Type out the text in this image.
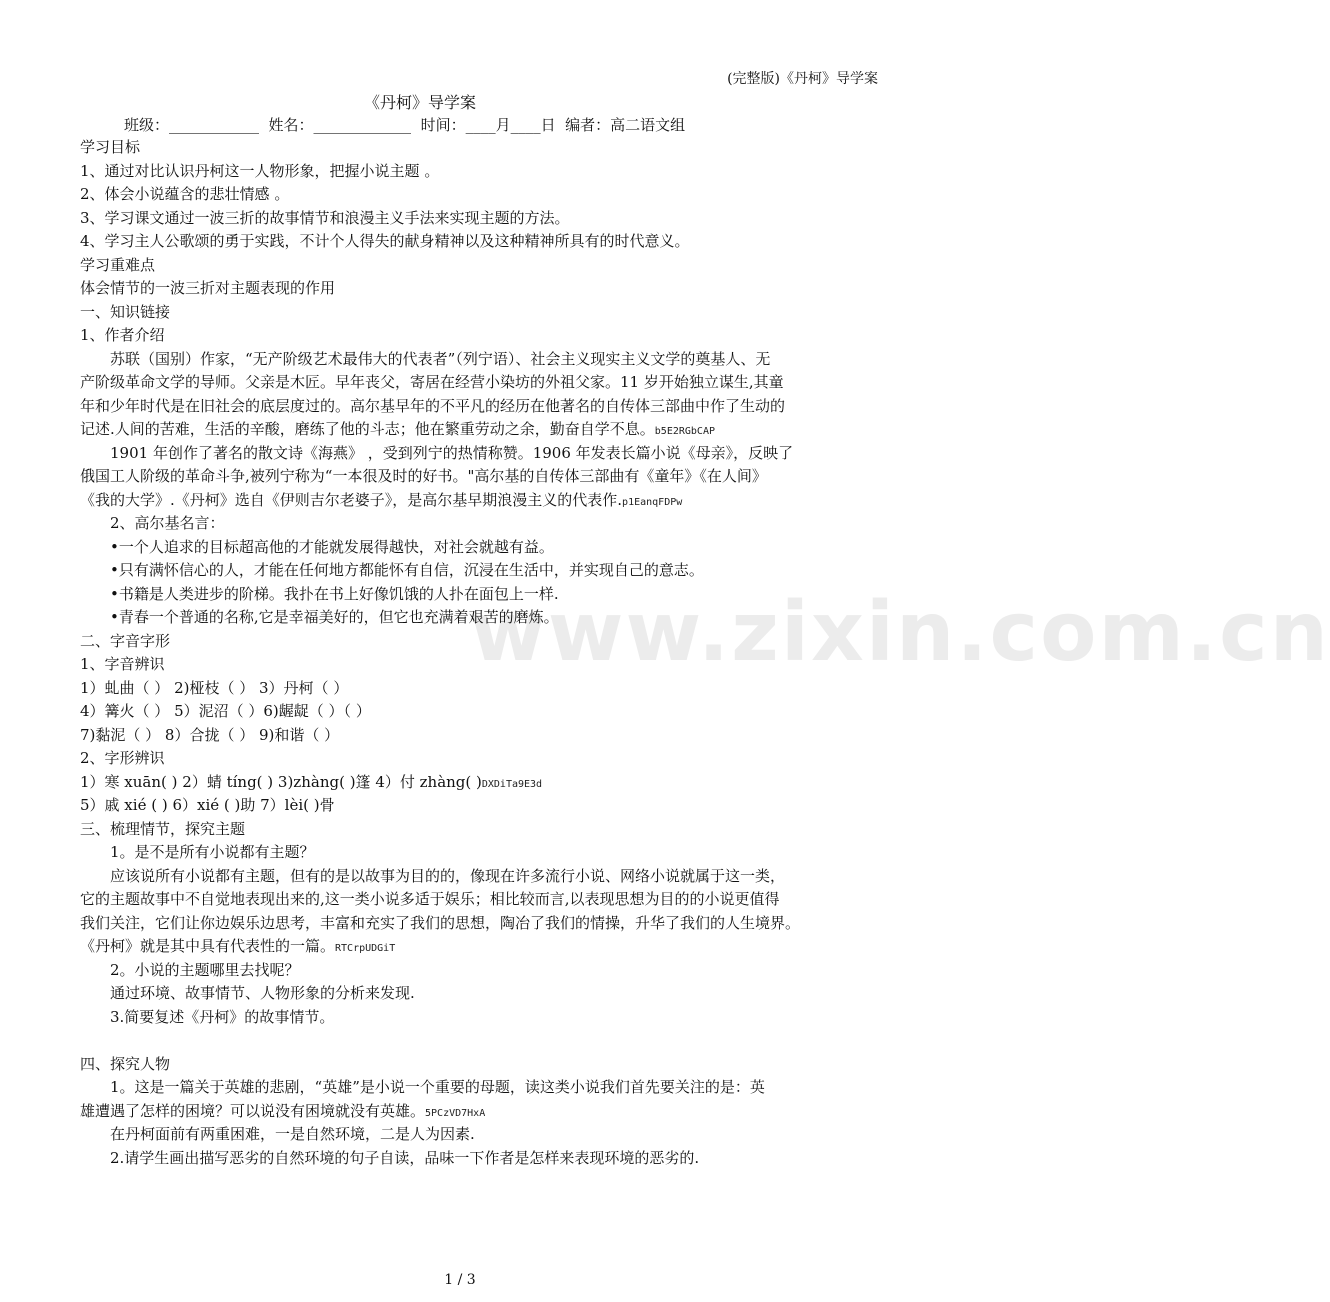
www.zixin.com.cn
(完整版)《丹柯》导学案
《丹柯》导学案
班级：____________  姓名：_____________  时间：____月____日  编者：高二语文组
学习目标
1、通过对比认识丹柯这一人物形象，把握小说主题 。
2、体会小说蕴含的悲壮情感 。
3、学习课文通过一波三折的故事情节和浪漫主义手法来实现主题的方法。
4、学习主人公歌颂的勇于实践，不计个人得失的献身精神以及这种精神所具有的时代意义。
学习重难点
体会情节的一波三折对主题表现的作用
一、知识链接
1、作者介绍
苏联（国别）作家，“无产阶级艺术最伟大的代表者”（列宁语）、社会主义现实主义文学的奠基人、无
产阶级革命文学的导师。父亲是木匠。早年丧父，寄居在经营小染坊的外祖父家。11 岁开始独立谋生,其童
年和少年时代是在旧社会的底层度过的。高尔基早年的不平凡的经历在他著名的自传体三部曲中作了生动的
记述.人间的苦难，生活的辛酸，磨练了他的斗志；他在繁重劳动之余，勤奋自学不息。b5E2RGbCAP
1901 年创作了著名的散文诗《海燕》 ，受到列宁的热情称赞。1906 年发表长篇小说《母亲》，反映了
俄国工人阶级的革命斗争,被列宁称为“一本很及时的好书。"高尔基的自传体三部曲有《童年》《在人间》
《我的大学》.《丹柯》选自《伊则吉尔老婆子》，是高尔基早期浪漫主义的代表作.p1EanqFDPw
2、高尔基名言：
•一个人追求的目标超高他的才能就发展得越快，对社会就越有益。
•只有满怀信心的人，才能在任何地方都能怀有自信，沉浸在生活中，并实现自己的意志。
•书籍是人类进步的阶梯。我扑在书上好像饥饿的人扑在面包上一样.
•青春一个普通的名称,它是幸福美好的，但它也充满着艰苦的磨炼。
二、字音字形
1、字音辨识
1）虬曲（ ） 2)桠枝（ ） 3）丹柯（ ）
4）篝火（ ） 5）泥沼（ ）6)龌龊（ ）（ ）
7)黏泥（ ） 8）合拢（ ） 9)和谐（ ）
2、字形辨识
1）寒 xuān( ) 2）蜻 tíng( ) 3)zhàng( )篷 4）付 zhàng( )DXDiTa9E3d
5）戚 xié ( ) 6）xié ( )助 7）lèi( )骨
三、梳理情节，探究主题
1。是不是所有小说都有主题？
应该说所有小说都有主题，但有的是以故事为目的的，像现在许多流行小说、网络小说就属于这一类，
它的主题故事中不自觉地表现出来的,这一类小说多适于娱乐；相比较而言,以表现思想为目的的小说更值得
我们关注，它们让你边娱乐边思考，丰富和充实了我们的思想，陶冶了我们的情操，升华了我们的人生境界。
《丹柯》就是其中具有代表性的一篇。RTCrpUDGiT
2。小说的主题哪里去找呢？
通过环境、故事情节、人物形象的分析来发现.
3.简要复述《丹柯》的故事情节。
四、探究人物
1。这是一篇关于英雄的悲剧，“英雄”是小说一个重要的母题，读这类小说我们首先要关注的是：英
雄遭遇了怎样的困境？可以说没有困境就没有英雄。5PCzVD7HxA
在丹柯面前有两重困难，一是自然环境，二是人为因素.
2.请学生画出描写恶劣的自然环境的句子自读，品味一下作者是怎样来表现环境的恶劣的.
1 / 3
